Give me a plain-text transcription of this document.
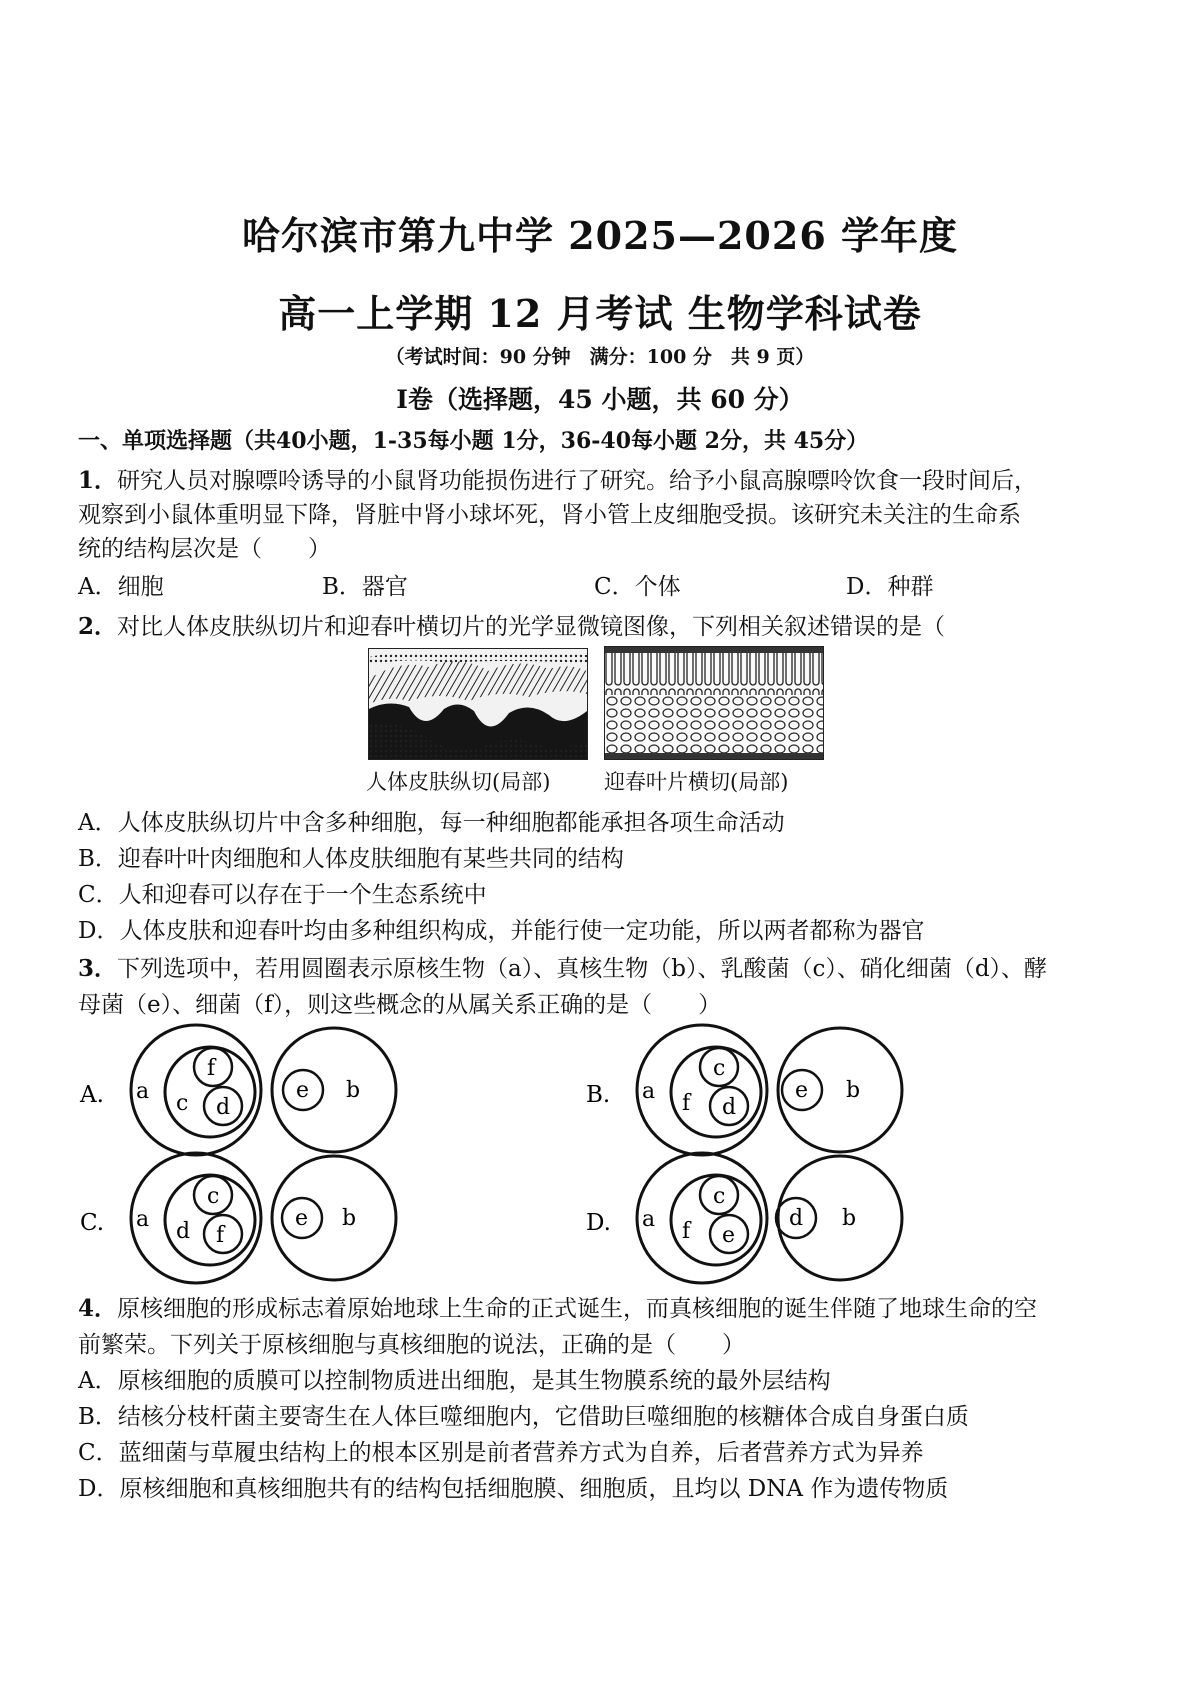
哈尔滨市第九中学 2025—2026 学年度
高一上学期 12 月考试 生物学科试卷
（考试时间：90 分钟　满分：100 分　共 9 页）
I卷（选择题，45 小题，共 60 分）
一、单项选择题（共40小题，1-35每小题 1分，36-40每小题 2分，共 45分）
1．研究人员对腺嘌呤诱导的小鼠肾功能损伤进行了研究。给予小鼠高腺嘌呤饮食一段时间后，
观察到小鼠体重明显下降，肾脏中肾小球坏死，肾小管上皮细胞受损。该研究未关注的生命系
统的结构层次是（　　）
A．细胞	B．器官	C．个体	D．种群
2．对比人体皮肤纵切片和迎春叶横切片的光学显微镜图像，下列相关叙述错误的是（
人体皮肤纵切(局部)	迎春叶片横切(局部)
A．人体皮肤纵切片中含多种细胞，每一种细胞都能承担各项生命活动
B．迎春叶叶肉细胞和人体皮肤细胞有某些共同的结构
C．人和迎春可以存在于一个生态系统中
D．人体皮肤和迎春叶均由多种组织构成，并能行使一定功能，所以两者都称为器官
3．下列选项中，若用圆圈表示原核生物（a）、真核生物（b）、乳酸菌（c）、硝化细菌（d）、酵
母菌（e）、细菌（f），则这些概念的从属关系正确的是（　　）
A. a c
f
d
e b	B. a f
c
d
e b
C. a d
c
f
e b	D. a f
c
e
d b
4．原核细胞的形成标志着原始地球上生命的正式诞生，而真核细胞的诞生伴随了地球生命的空
前繁荣。下列关于原核细胞与真核细胞的说法，正确的是（　　）
A．原核细胞的质膜可以控制物质进出细胞，是其生物膜系统的最外层结构
B．结核分枝杆菌主要寄生在人体巨噬细胞内，它借助巨噬细胞的核糖体合成自身蛋白质
C．蓝细菌与草履虫结构上的根本区别是前者营养方式为自养，后者营养方式为异养
D．原核细胞和真核细胞共有的结构包括细胞膜、细胞质，且均以 DNA 作为遗传物质
